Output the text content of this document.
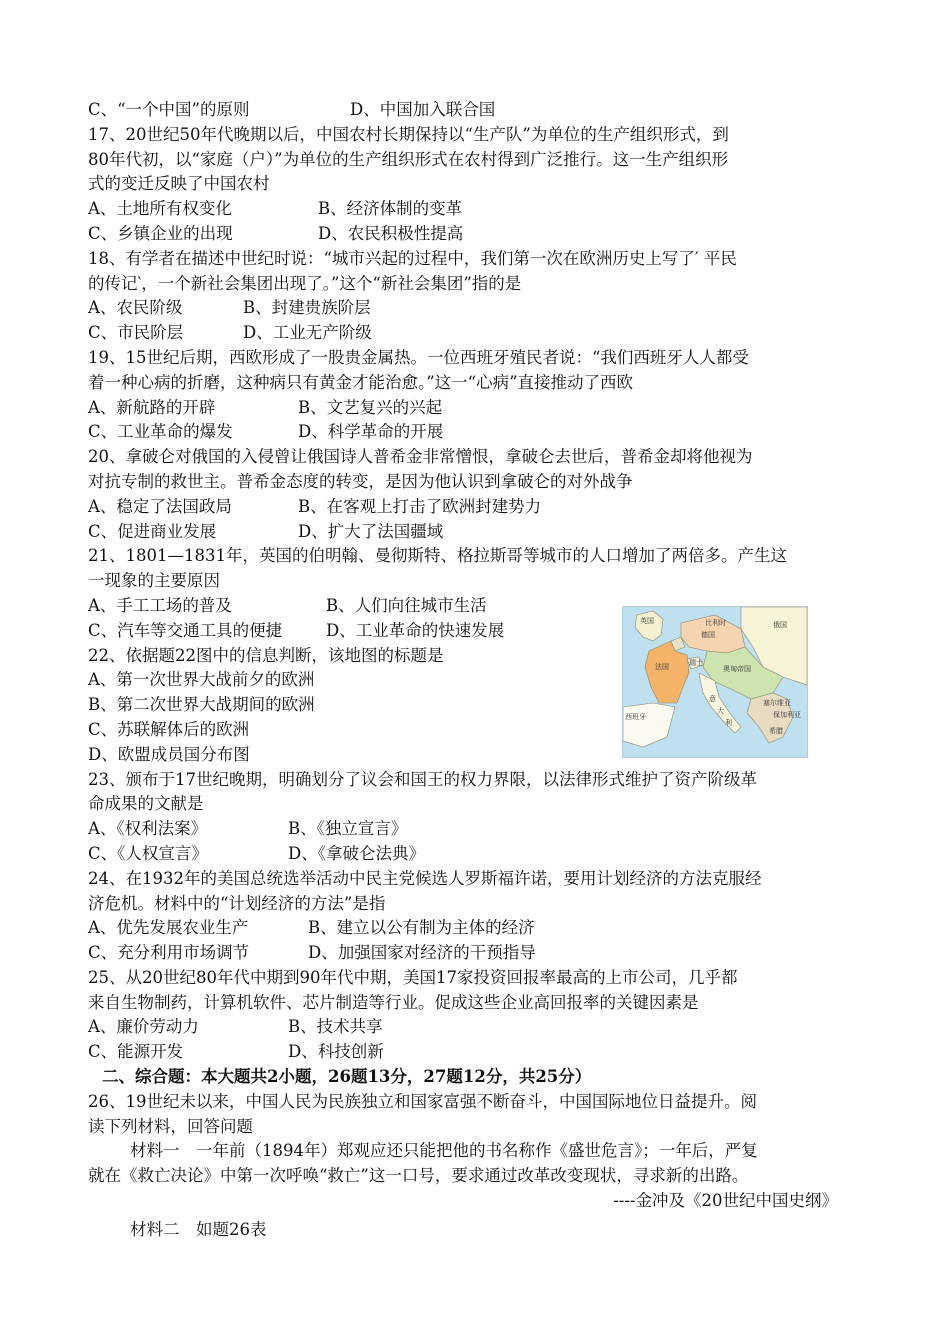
C、“一个中国”的原则	D、中国加入联合国
17、20世纪50年代晚期以后，中国农村长期保持以“生产队”为单位的生产组织形式，到
80年代初，以“家庭（户）”为单位的生产组织形式在农村得到广泛推行。这一生产组织形
式的变迁反映了中国农村
A、土地所有权变化	B、经济体制的变革
C、乡镇企业的出现	D、农民积极性提高
18、有学者在描述中世纪时说：“城市兴起的过程中，我们第一次在欧洲历史上写了′ 平民
的传记‵，一个新社会集团出现了。”这个“新社会集团”指的是
A、农民阶级	B、封建贵族阶层
C、市民阶层	D、工业无产阶级
19、15世纪后期，西欧形成了一股贵金属热。一位西班牙殖民者说：“我们西班牙人人都受
着一种心病的折磨，这种病只有黄金才能治愈。”这一“心病”直接推动了西欧
A、新航路的开辟	B、文艺复兴的兴起
C、工业革命的爆发	D、科学革命的开展
20、拿破仑对俄国的入侵曾让俄国诗人普希金非常憎恨，拿破仑去世后，普希金却将他视为
对抗专制的救世主。普希金态度的转变，是因为他认识到拿破仑的对外战争
A、稳定了法国政局	B、在客观上打击了欧洲封建势力
C、促进商业发展	D、扩大了法国疆域
21、1801—1831年，英国的伯明翰、曼彻斯特、格拉斯哥等城市的人口增加了两倍多。产生这
一现象的主要原因
A、手工工场的普及	B、人们向往城市生活
C、汽车等交通工具的便捷	D、工业革命的快速发展
22、依据题22图中的信息判断，该地图的标题是
A、第一次世界大战前夕的欧洲
B、第二次世界大战期间的欧洲
C、苏联解体后的欧洲
D、欧盟成员国分布图
23、颁布于17世纪晚期，明确划分了议会和国王的权力界限，以法律形式维护了资产阶级革
命成果的文献是
A、《权利法案》	B、《独立宣言》
C、《人权宣言》	D、《拿破仑法典》
24、在1932年的美国总统选举活动中民主党候选人罗斯福许诺，要用计划经济的方法克服经
济危机。材料中的“计划经济的方法”是指
A、优先发展农业生产	B、建立以公有制为主体的经济
C、充分利用市场调节	D、加强国家对经济的干预指导
25、从20世纪80年代中期到90年代中期，美国17家投资回报率最高的上市公司，几乎都
来自生物制药，计算机软件、芯片制造等行业。促成这些企业高回报率的关键因素是
A、廉价劳动力	B、技术共享
C、能源开发	D、科技创新
二、综合题：本大题共2小题，26题13分，27题12分，共25分）
26、19世纪未以来，中国人民为民族独立和国家富强不断奋斗，中国国际地位日益提升。阅
读下列材料，回答问题
材料一　一年前（1894年）郑观应还只能把他的书名称作《盛世危言》；一年后，严复
就在《救亡决论》中第一次呼唤“救亡”这一口号，要求通过改革改变现状，寻求新的出路。
----金冲及《20世纪中国史纲》
材料二　如题26表
英国	俄国
德国
比利时
法国	奥匈帝国
瑞士
西班牙
意
大
利
塞尔维亚
保加利亚
希腊
